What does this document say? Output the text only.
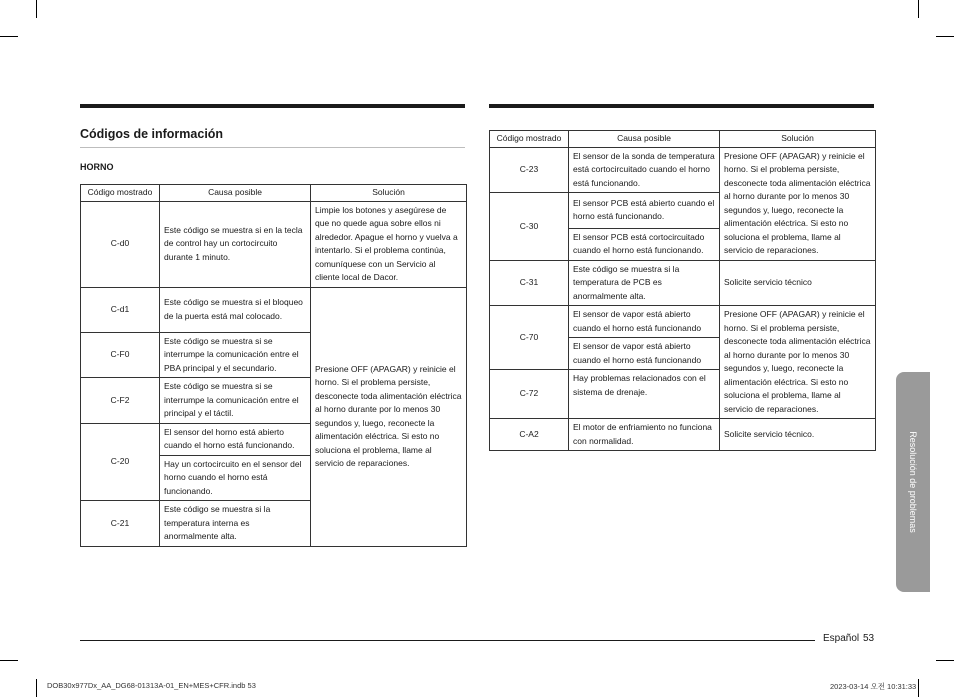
Códigos de información
HORNO
Código mostrado	Causa posible	Solución
C-d0	Este código se muestra si en la tecla de control hay un cortocircuito durante 1 minuto.	Limpie los botones y asegúrese de que no quede agua sobre ellos ni alrededor. Apague el horno y vuelva a intentarlo. Si el problema continúa, comuníquese con un Servicio al cliente local de Dacor.
C-d1	Este código se muestra si el bloqueo de la puerta está mal colocado.	Presione OFF (APAGAR) y reinicie el horno. Si el problema persiste, desconecte toda alimentación eléctrica al horno durante por lo menos 30 segundos y, luego, reconecte la alimentación eléctrica. Si esto no soluciona el problema, llame al servicio de reparaciones.
C-F0	Este código se muestra si se interrumpe la comunicación entre el PBA principal y el secundario.	
C-F2	Este código se muestra si se interrumpe la comunicación entre el principal y el táctil.	
C-20	El sensor del horno está abierto cuando el horno está funcionando.	
	Hay un cortocircuito en el sensor del horno cuando el horno está funcionando.	
C-21	Este código se muestra si la temperatura interna es anormalmente alta.	
Código mostrado	Causa posible	Solución
C-23	El sensor de la sonda de temperatura está cortocircuitado cuando el horno está funcionando.	Presione OFF (APAGAR) y reinicie el horno. Si el problema persiste, desconecte toda alimentación eléctrica al horno durante por lo menos 30 segundos y, luego, reconecte la alimentación eléctrica. Si esto no soluciona el problema, llame al servicio de reparaciones.
C-30	El sensor PCB está abierto cuando el horno está funcionando.	
	El sensor PCB está cortocircuitado cuando el horno está funcionando.	
C-31	Este código se muestra si la temperatura de PCB es anormalmente alta.	Solicite servicio técnico
C-70	El sensor de vapor está abierto cuando el horno está funcionando	Presione OFF (APAGAR) y reinicie el horno. Si el problema persiste, desconecte toda alimentación eléctrica al horno durante por lo menos 30 segundos y, luego, reconecte la alimentación eléctrica. Si esto no soluciona el problema, llame al servicio de reparaciones.
	El sensor de vapor está abierto cuando el horno está funcionando	
C-72	Hay problemas relacionados con el sistema de drenaje.	
C-A2	El motor de enfriamiento no funciona con normalidad.	Solicite servicio técnico.	Resolución de problemas
Español 53
DOB30x977Dx_AA_DG68-01313A-01_EN+MES+CFR.indb 53	2023-03-14 오전 10:31:33
